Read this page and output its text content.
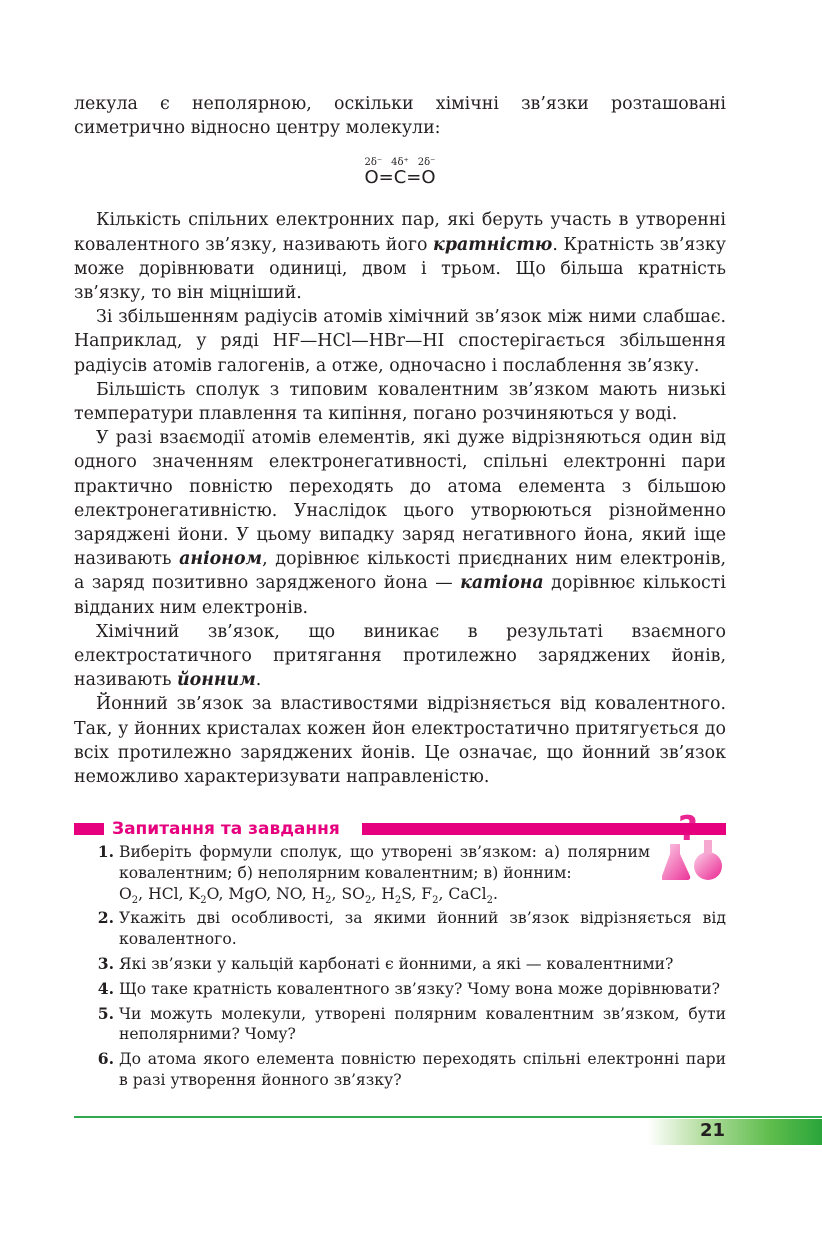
лекула є неполярною, оскільки хімічні зв’язки розташовані симетрично відносно центру молекули:

2δ⁻ 4δ⁺ 2δ⁻
O=C=O

Кількість спільних електронних пар, які беруть участь в утворенні ковалентного зв’язку, називають його кратністю. Кратність зв’язку може дорівнювати одиниці, двом і трьом. Що більша кратність зв’язку, то він міцніший.

Зі збільшенням радіусів атомів хімічний зв’язок між ними слабшає. Наприклад, у ряді HF—HCl—HBr—HI спостерігається збільшення радіусів атомів галогенів, а отже, одночасно і послаблення зв’язку.

Більшість сполук з типовим ковалентним зв’язком мають низькі температури плавлення та кипіння, погано розчиняються у воді.

У разі взаємодії атомів елементів, які дуже відрізняються один від одного значенням електронегативності, спільні електронні пари практично повністю переходять до атома елемента з більшою електронегативністю. Унаслідок цього утворюються різнойменно заряджені йони. У цьому випадку заряд негативного йона, який іще називають аніоном, дорівнює кількості приєднаних ним електронів, а заряд позитивно зарядженого йона — катіона дорівнює кількості відданих ним електронів.

Хімічний зв’язок, що виникає в результаті взаємного електростатичного притягання протилежно заряджених йонів, називають йонним.

Йонний зв’язок за властивостями відрізняється від ковалентного. Так, у йонних кристалах кожен йон електростатично притягується до всіх протилежно заряджених йонів. Це означає, що йонний зв’язок неможливо характеризувати направленістю.

Запитання та завдання
1. Виберіть формули сполук, що утворені зв’язком: а) полярним ковалентним; б) неполярним ковалентним; в) йонним:
$O_2$, HCl, $K_2O$, MgO, NO, $H_2$, $SO_2$, $H_2S$, $F_2$, CaCl$_2$.
2. Укажіть дві особливості, за якими йонний зв’язок відрізняється від ковалентного.
3. Які зв’язки у кальцій карбонаті є йонними, а які — ковалентними?
4. Що таке кратність ковалентного зв’язку? Чому вона може дорівнювати?
5. Чи можуть молекули, утворені полярним ковалентним зв’язком, бути неполярними? Чому?
6. До атома якого елемента повністю переходять спільні електронні пари в разі утворення йонного зв’язку?
21
